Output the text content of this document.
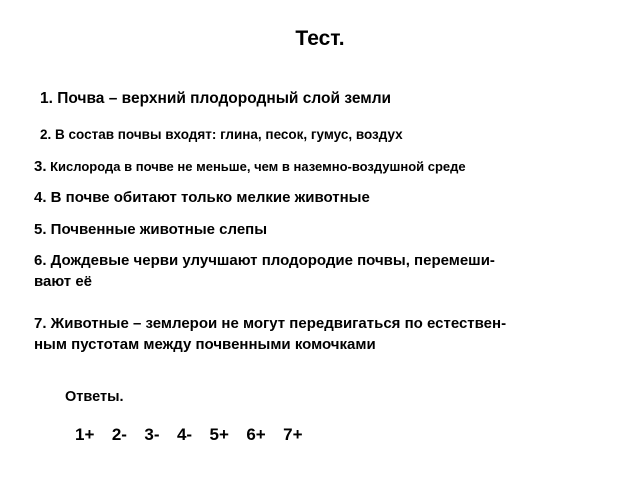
Тест.
1. Почва – верхний плодородный слой земли
2. В состав почвы входят: глина, песок, гумус, воздух
3. Кислорода в почве не меньше, чем в наземно-воздушной среде
4. В почве обитают только мелкие животные
5. Почвенные животные слепы
6. Дождевые черви улучшают плодородие почвы, перемеши-
вают её
7. Животные – землерои не могут передвигаться по естествен-
ным пустотам между почвенными комочками
Ответы.
1+  2-  3-  4-  5+  6+  7+
